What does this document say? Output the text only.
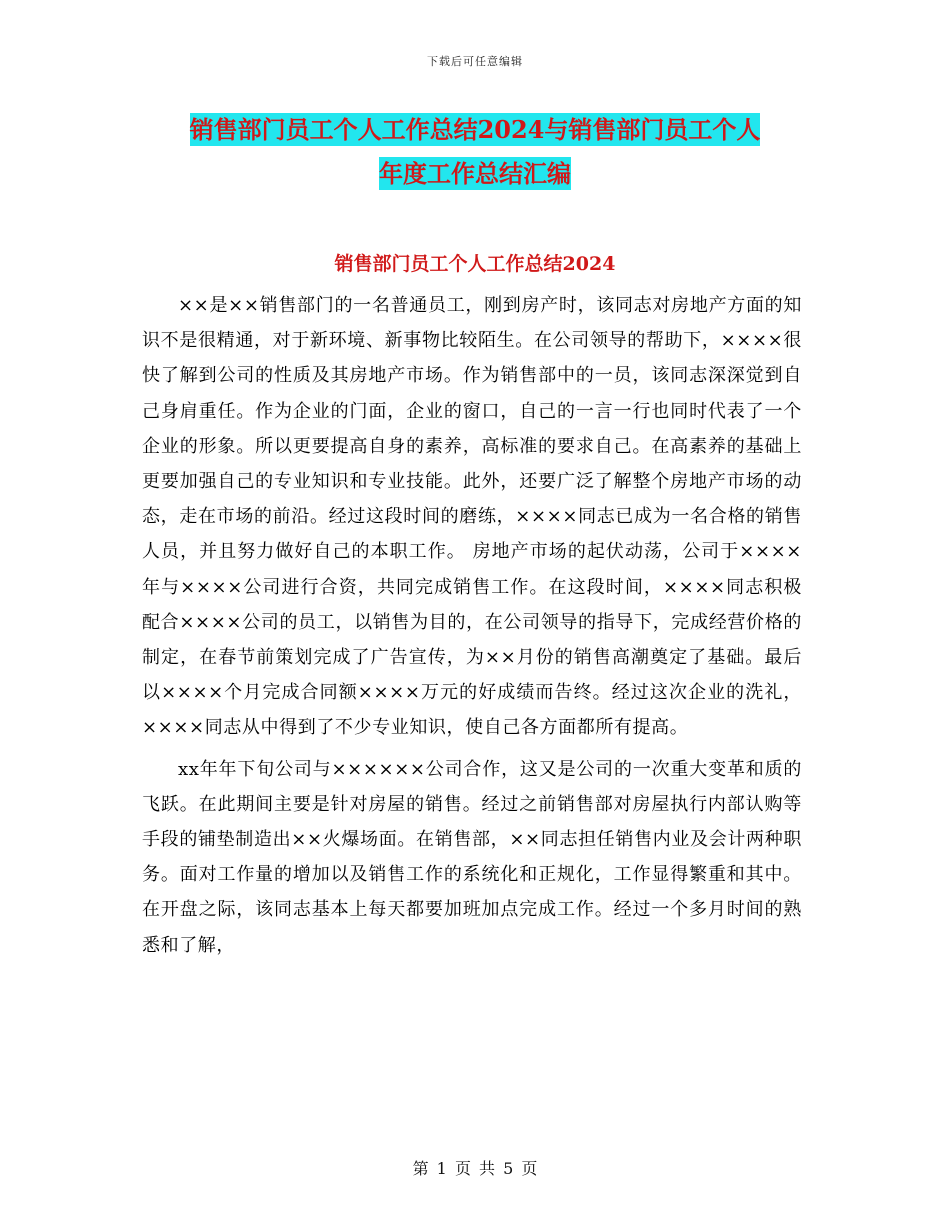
下载后可任意编辑
销售部门员工个人工作总结2024与销售部门员工个人
年度工作总结汇编
销售部门员工个人工作总结2024

××是××销售部门的一名普通员工，刚到房产时，该同志对房地产方面的知识不是很精通，对于新环境、新事物比较陌生。在公司领导的帮助下，××××很快了解到公司的性质及其房地产市场。作为销售部中的一员，该同志深深觉到自己身肩重任。作为企业的门面，企业的窗口，自己的一言一行也同时代表了一个企业的形象。所以更要提高自身的素养，高标准的要求自己。在高素养的基础上更要加强自己的专业知识和专业技能。此外，还要广泛了解整个房地产市场的动态，走在市场的前沿。经过这段时间的磨练，××××同志已成为一名合格的销售人员，并且努力做好自己的本职工作。 房地产市场的起伏动荡，公司于××××年与××××公司进行合资，共同完成销售工作。在这段时间，××××同志积极配合××××公司的员工，以销售为目的，在公司领导的指导下，完成经营价格的制定，在春节前策划完成了广告宣传，为××月份的销售高潮奠定了基础。最后以××××个月完成合同额××××万元的好成绩而告终。经过这次企业的洗礼，××××同志从中得到了不少专业知识，使自己各方面都所有提高。

xx年年下旬公司与××××××公司合作，这又是公司的一次重大变革和质的飞跃。在此期间主要是针对房屋的销售。经过之前销售部对房屋执行内部认购等手段的铺垫制造出××火爆场面。在销售部，××同志担任销售内业及会计两种职务。面对工作量的增加以及销售工作的系统化和正规化，工作显得繁重和其中。在开盘之际，该同志基本上每天都要加班加点完成工作。经过一个多月时间的熟悉和了解，

第 1 页 共 5 页
